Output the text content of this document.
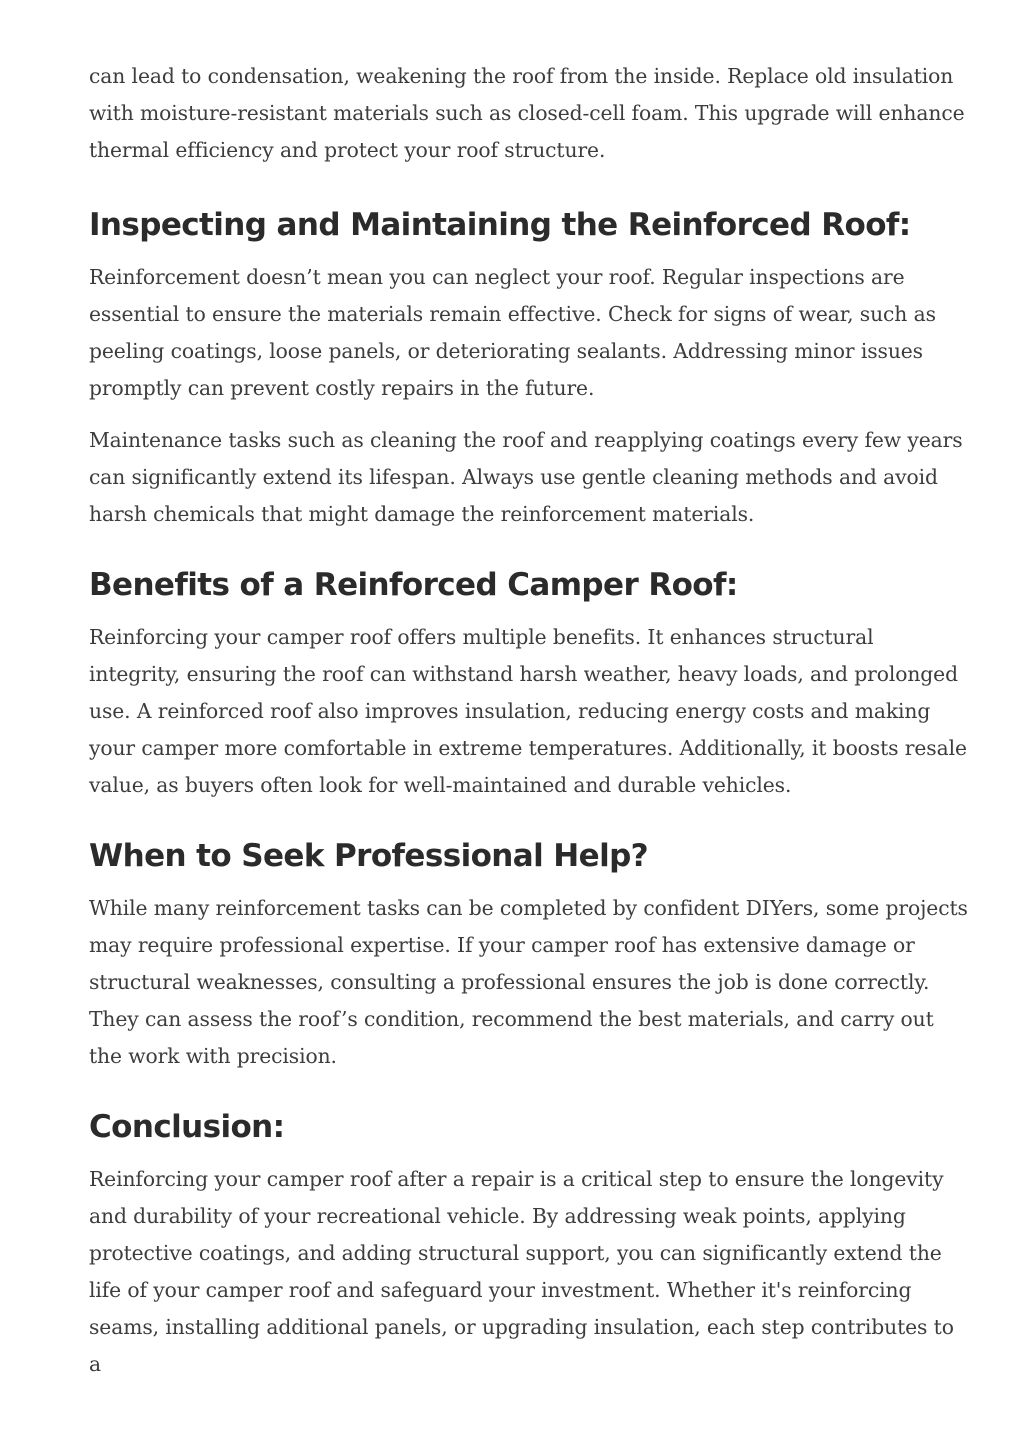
can lead to condensation, weakening the roof from the inside. Replace old insulation with moisture-resistant materials such as closed-cell foam. This upgrade will enhance thermal efficiency and protect your roof structure.

Inspecting and Maintaining the Reinforced Roof:

Reinforcement doesn’t mean you can neglect your roof. Regular inspections are essential to ensure the materials remain effective. Check for signs of wear, such as peeling coatings, loose panels, or deteriorating sealants. Addressing minor issues promptly can prevent costly repairs in the future.

Maintenance tasks such as cleaning the roof and reapplying coatings every few years can significantly extend its lifespan. Always use gentle cleaning methods and avoid harsh chemicals that might damage the reinforcement materials.

Benefits of a Reinforced Camper Roof:

Reinforcing your camper roof offers multiple benefits. It enhances structural integrity, ensuring the roof can withstand harsh weather, heavy loads, and prolonged use. A reinforced roof also improves insulation, reducing energy costs and making your camper more comfortable in extreme temperatures. Additionally, it boosts resale value, as buyers often look for well-maintained and durable vehicles.

When to Seek Professional Help?

While many reinforcement tasks can be completed by confident DIYers, some projects may require professional expertise. If your camper roof has extensive damage or structural weaknesses, consulting a professional ensures the job is done correctly. They can assess the roof’s condition, recommend the best materials, and carry out the work with precision.

Conclusion:

Reinforcing your camper roof after a repair is a critical step to ensure the longevity and durability of your recreational vehicle. By addressing weak points, applying protective coatings, and adding structural support, you can significantly extend the life of your camper roof and safeguard your investment. Whether it's reinforcing seams, installing additional panels, or upgrading insulation, each step contributes to a
